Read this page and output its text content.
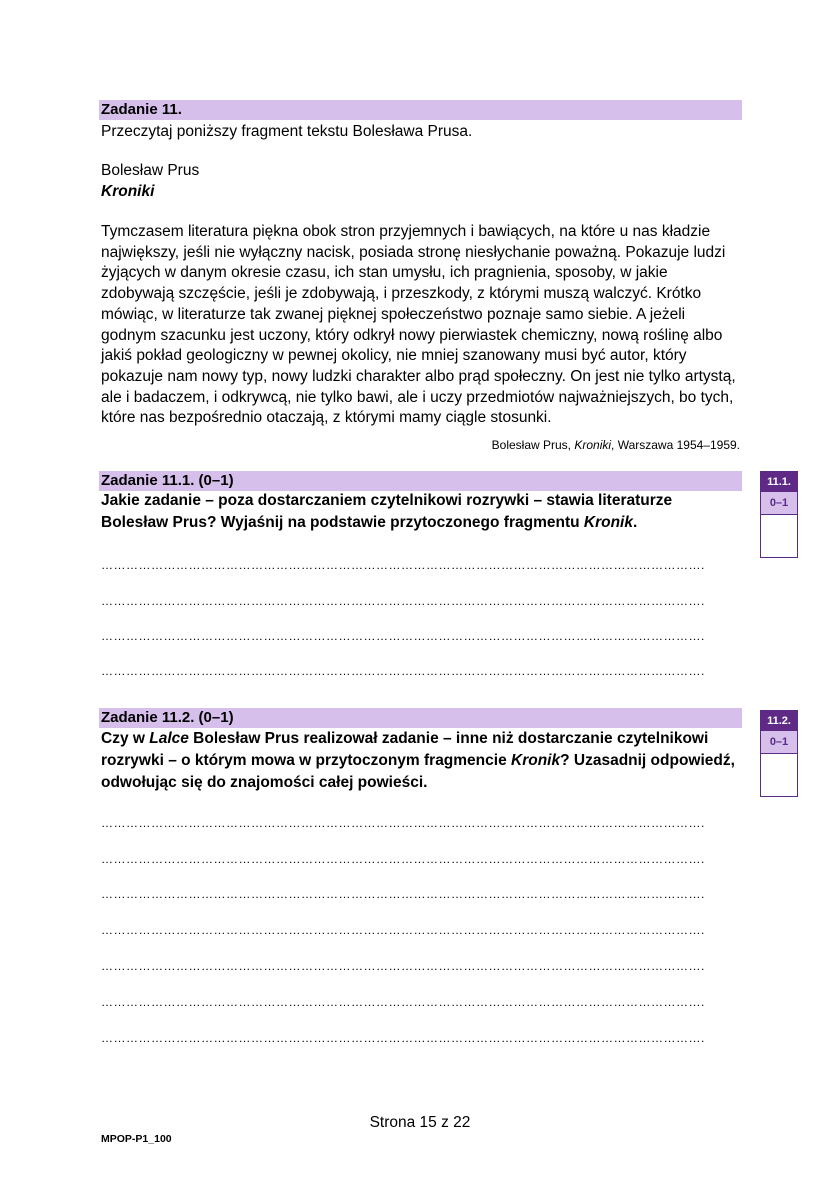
Zadanie 11.
Przeczytaj poniższy fragment tekstu Bolesława Prusa.
Bolesław Prus
Kroniki
Tymczasem literatura piękna obok stron przyjemnych i bawiących, na które u nas kładzie
największy, jeśli nie wyłączny nacisk, posiada stronę niesłychanie poważną. Pokazuje ludzi
żyjących w danym okresie czasu, ich stan umysłu, ich pragnienia, sposoby, w jakie
zdobywają szczęście, jeśli je zdobywają, i przeszkody, z którymi muszą walczyć. Krótko
mówiąc, w literaturze tak zwanej pięknej społeczeństwo poznaje samo siebie. A jeżeli
godnym szacunku jest uczony, który odkrył nowy pierwiastek chemiczny, nową roślinę albo
jakiś pokład geologiczny w pewnej okolicy, nie mniej szanowany musi być autor, który
pokazuje nam nowy typ, nowy ludzki charakter albo prąd społeczny. On jest nie tylko artystą,
ale i badaczem, i odkrywcą, nie tylko bawi, ale i uczy przedmiotów najważniejszych, bo tych,
które nas bezpośrednio otaczają, z którymi mamy ciągle stosunki.
Bolesław Prus, Kroniki, Warszawa 1954–1959.
Zadanie 11.1. (0–1)
Jakie zadanie – poza dostarczaniem czytelnikowi rozrywki – stawia literaturze
Bolesław Prus? Wyjaśnij na podstawie przytoczonego fragmentu Kronik.
11.1.
0–1
……………………………………………………………………………………………………………………………….
……………………………………………………………………………………………………………………………….
……………………………………………………………………………………………………………………………….
……………………………………………………………………………………………………………………………….
Zadanie 11.2. (0–1)
Czy w Lalce Bolesław Prus realizował zadanie – inne niż dostarczanie czytelnikowi
rozrywki – o którym mowa w przytoczonym fragmencie Kronik? Uzasadnij odpowiedź,
odwołując się do znajomości całej powieści.
11.2.
0–1
……………………………………………………………………………………………………………………………….
……………………………………………………………………………………………………………………………….
……………………………………………………………………………………………………………………………….
……………………………………………………………………………………………………………………………….
……………………………………………………………………………………………………………………………….
……………………………………………………………………………………………………………………………….
……………………………………………………………………………………………………………………………….
Strona 15 z 22
MPOP-P1_100
